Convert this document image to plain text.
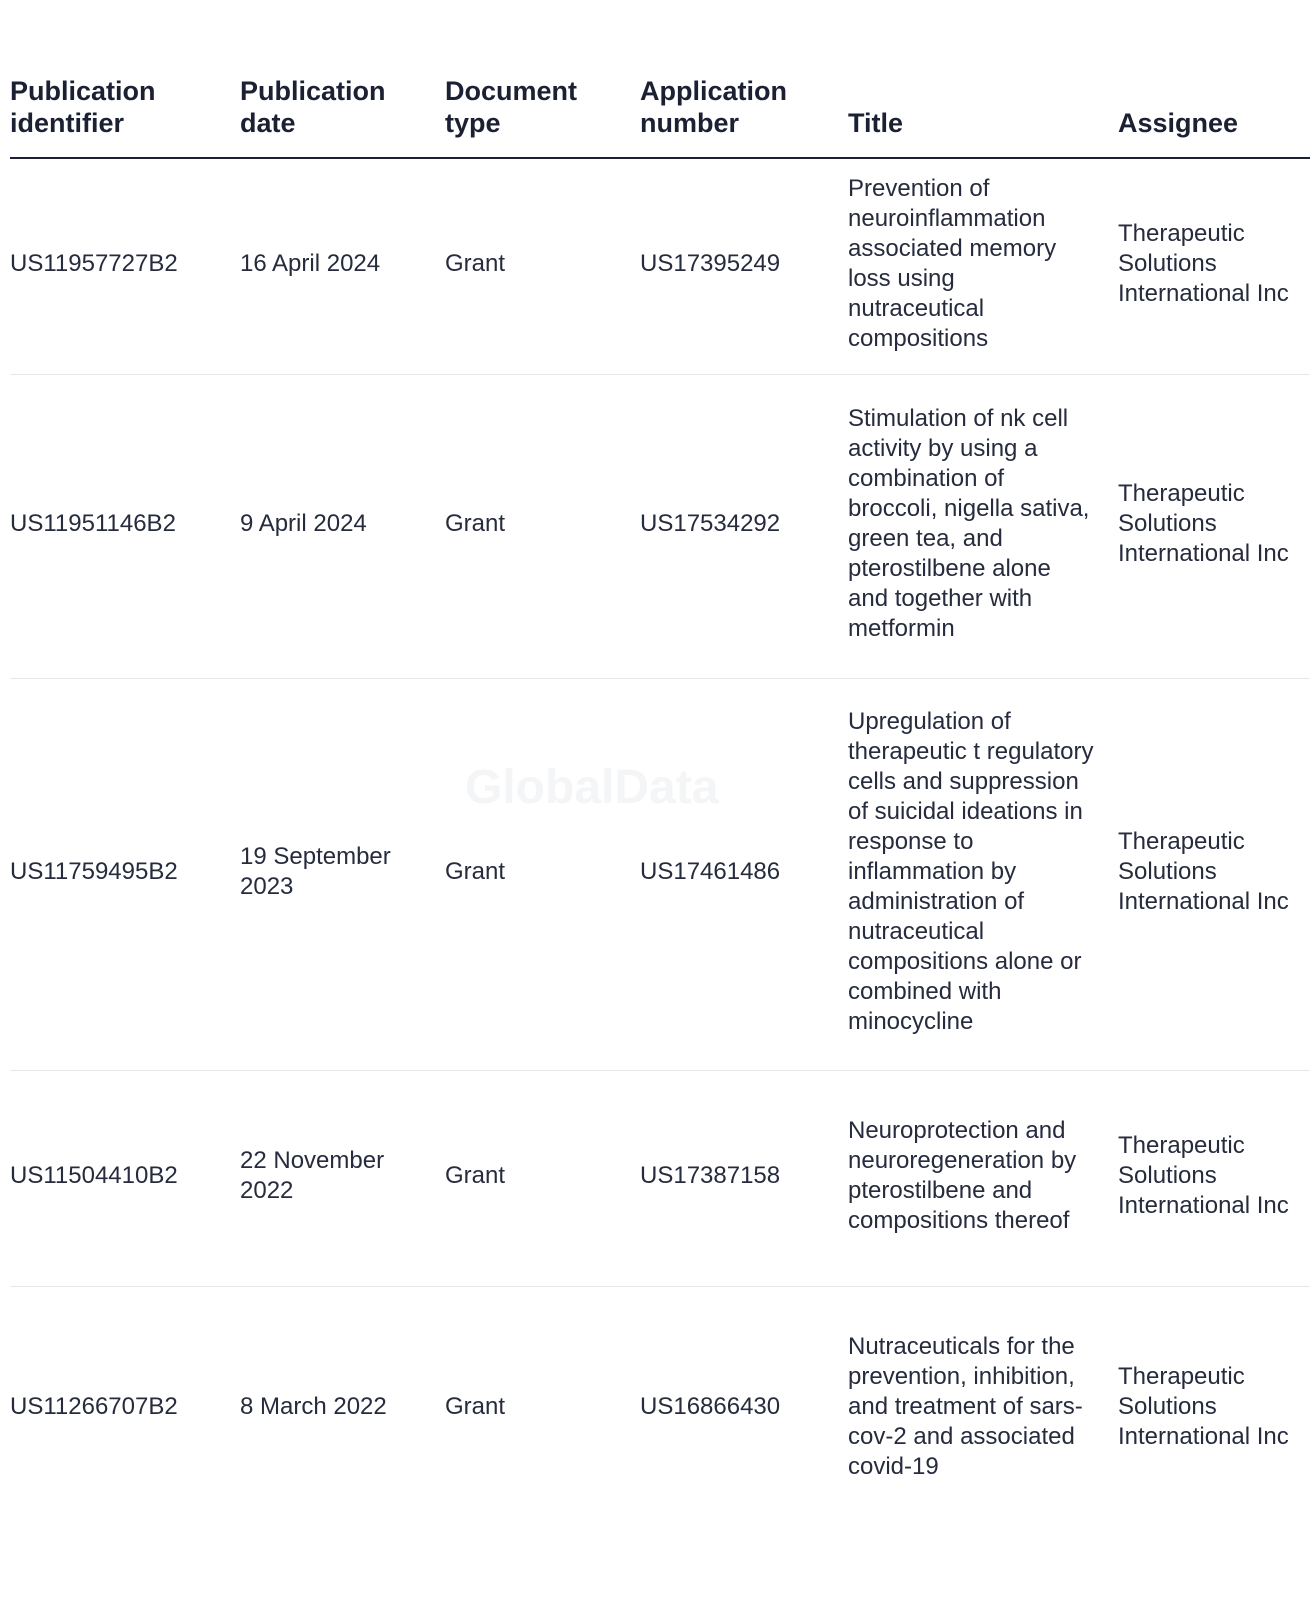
Publication identifier	Publication date	Document type	Application number	Title	Assignee
US11957727B2	16 April 2024	Grant	US17395249	Prevention of neuroinflammation associated memory loss using nutraceutical compositions	Therapeutic Solutions International Inc
US11951146B2	9 April 2024	Grant	US17534292	Stimulation of nk cell activity by using a combination of broccoli, nigella sativa, green tea, and pterostilbene alone and together with metformin	Therapeutic Solutions International Inc
US11759495B2	19 September 2023	Grant	US17461486	Upregulation of therapeutic t regulatory cells and suppression of suicidal ideations in response to inflammation by administration of nutraceutical compositions alone or combined with minocycline	Therapeutic Solutions International Inc
US11504410B2	22 November 2022	Grant	US17387158	Neuroprotection and neuroregeneration by pterostilbene and compositions thereof	Therapeutic Solutions International Inc
US11266707B2	8 March 2022	Grant	US16866430	Nutraceuticals for the prevention, inhibition, and treatment of sars-cov-2 and associated covid-19	Therapeutic Solutions International Inc
GlobalData
